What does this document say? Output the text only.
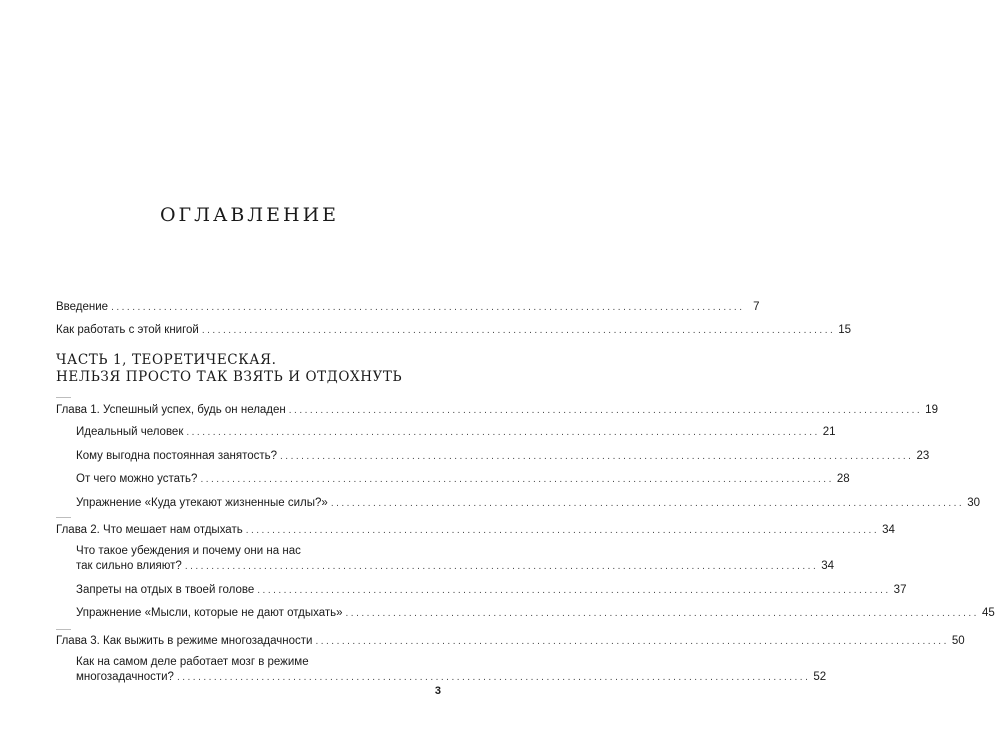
ОГЛАВЛЕНИЕ
Введение ........................................................................................................................ 7
Как работать с этой книгой ........................................................................................................................ 15
ЧАСТЬ 1, ТЕОРЕТИЧЕСКАЯ.
НЕЛЬЗЯ ПРОСТО ТАК ВЗЯТЬ И ОТДОХНУТЬ
Глава 1. Успешный успех, будь он неладен ........................................................................................................................ 19
Идеальный человек ........................................................................................................................ 21
Кому выгодна постоянная занятость? ........................................................................................................................ 23
От чего можно устать? ........................................................................................................................ 28
Упражнение «Куда утекают жизненные силы?» ........................................................................................................................ 30
Глава 2. Что мешает нам отдыхать ........................................................................................................................ 34
Что такое убеждения и почему они на нас
так сильно влияют? ........................................................................................................................ 34
Запреты на отдых в твоей голове ........................................................................................................................ 37
Упражнение «Мысли, которые не дают отдыхать» ........................................................................................................................ 45
Глава 3. Как выжить в режиме многозадачности ........................................................................................................................ 50
Как на самом деле работает мозг в режиме
многозадачности? ........................................................................................................................ 52
3
